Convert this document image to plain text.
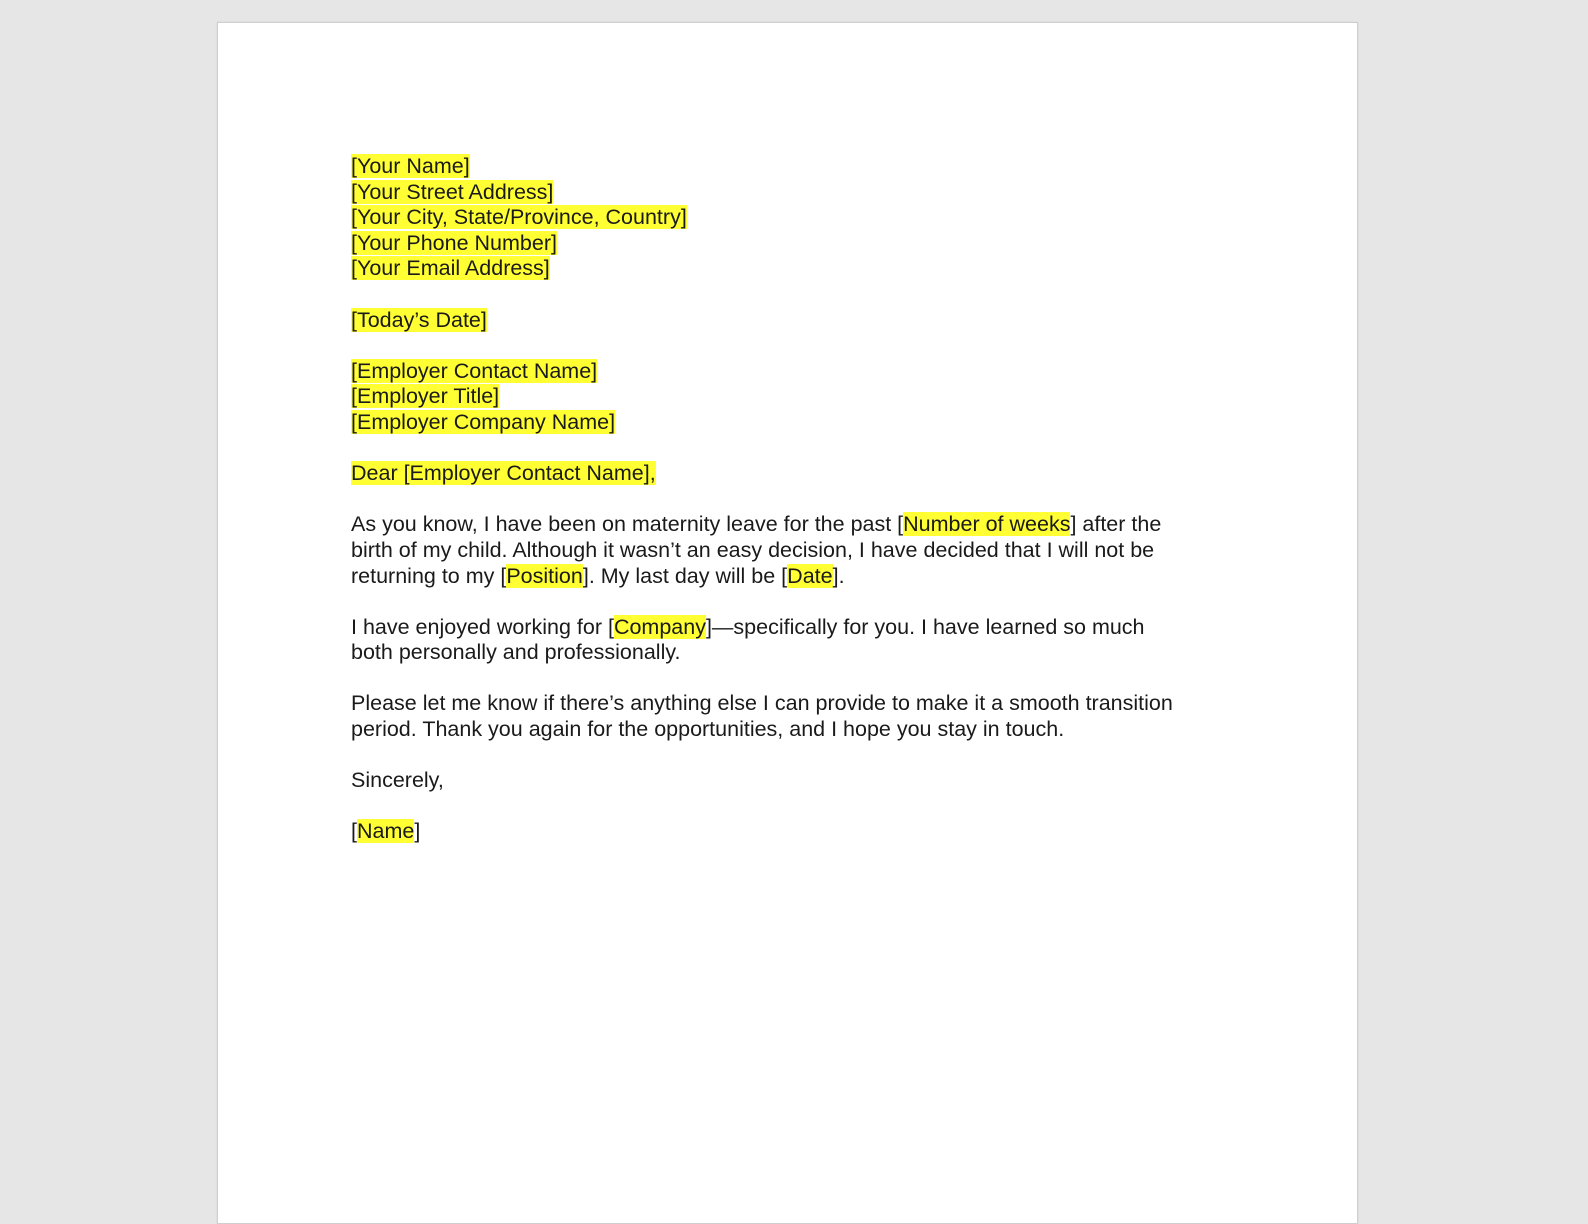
[Your Name]
[Your Street Address]
[Your City, State/Province, Country]
[Your Phone Number]
[Your Email Address]
[Today’s Date]
[Employer Contact Name]
[Employer Title]
[Employer Company Name]
Dear [Employer Contact Name],

As you know, I have been on maternity leave for the past [Number of weeks] after the
birth of my child. Although it wasn’t an easy decision, I have decided that I will not be
returning to my [Position]. My last day will be [Date].

I have enjoyed working for [Company]—specifically for you. I have learned so much
both personally and professionally.

Please let me know if there’s anything else I can provide to make it a smooth transition
period. Thank you again for the opportunities, and I hope you stay in touch.

Sincerely,

[Name]
